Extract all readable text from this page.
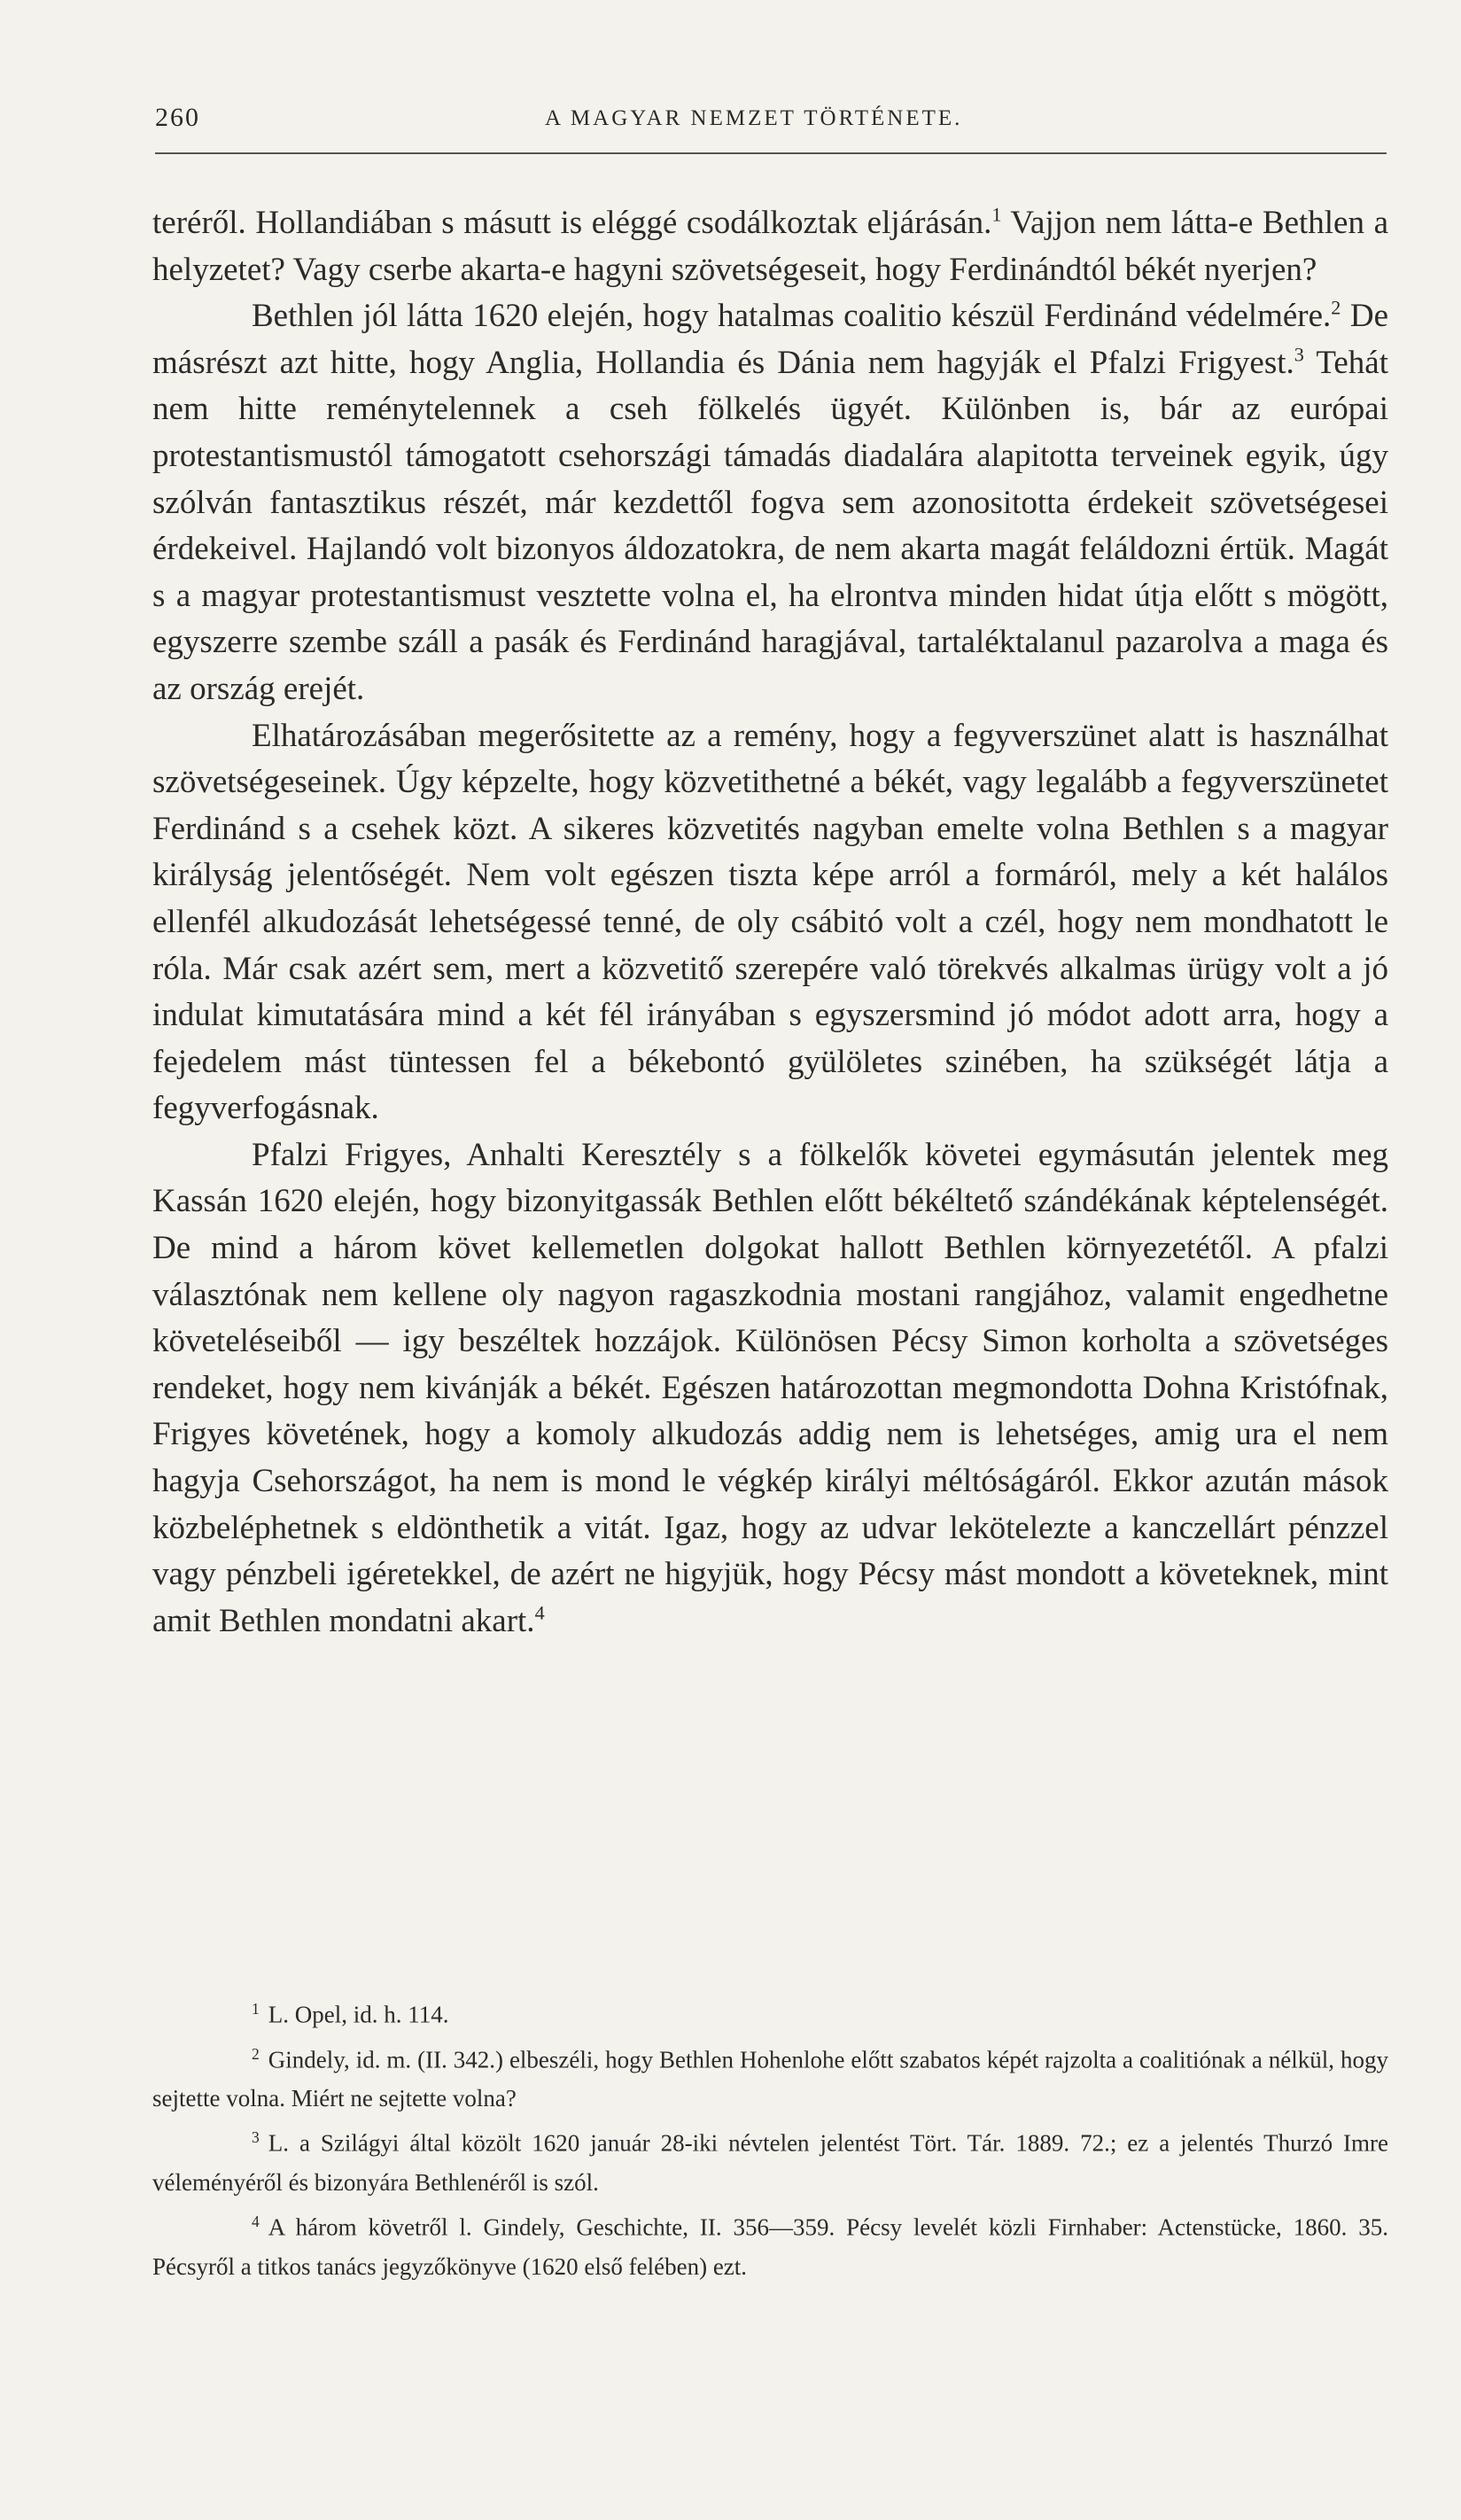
260	A MAGYAR NEMZET TÖRTÉNETE.

teréről. Hollandiában s másutt is eléggé csodálkoztak eljárásán.$^1$ Vajjon nem látta-e Bethlen a helyzetet? Vagy cserbe akarta-e hagyni szövetségeseit, hogy Ferdinándtól békét nyerjen?

Bethlen jól látta 1620 elején, hogy hatalmas coalitio készül Ferdinánd védelmére.$^2$ De másrészt azt hitte, hogy Anglia, Hollandia és Dánia nem hagyják el Pfalzi Frigyest.$^3$ Tehát nem hitte reménytelennek a cseh fölkelés ügyét. Különben is, bár az európai protestantismustól támogatott csehországi támadás diadalára alapitotta terveinek egyik, úgy szólván fantasztikus részét, már kezdettől fogva sem azonositotta érdekeit szövetségesei érdekeivel. Hajlandó volt bizonyos áldozatokra, de nem akarta magát feláldozni értük. Magát s a magyar protestantismust vesztette volna el, ha elrontva minden hidat útja előtt s mögött, egyszerre szembe száll a pasák és Ferdinánd haragjával, tartaléktalanul pazarolva a maga és az ország erejét.

Elhatározásában megerősitette az a remény, hogy a fegyverszünet alatt is használhat szövetségeseinek. Úgy képzelte, hogy közvetithetné a békét, vagy legalább a fegyverszünetet Ferdinánd s a csehek közt. A sikeres közvetités nagyban emelte volna Bethlen s a magyar királyság jelentőségét. Nem volt egészen tiszta képe arról a formáról, mely a két halálos ellenfél alkudozását lehetségessé tenné, de oly csábitó volt a czél, hogy nem mondhatott le róla. Már csak azért sem, mert a közvetitő szerepére való törekvés alkalmas ürügy volt a jó indulat kimutatására mind a két fél irányában s egyszersmind jó módot adott arra, hogy a fejedelem mást tüntessen fel a békebontó gyülöletes szinében, ha szükségét látja a fegyverfogásnak.

Pfalzi Frigyes, Anhalti Keresztély s a fölkelők követei egymásután jelentek meg Kassán 1620 elején, hogy bizonyitgassák Bethlen előtt békéltető szándékának képtelenségét. De mind a három követ kellemetlen dolgokat hallott Bethlen környezetétől. A pfalzi választónak nem kellene oly nagyon ragaszkodnia mostani rangjához, valamit engedhetne követeléseiből — igy beszéltek hozzájok. Különösen Pécsy Simon korholta a szövetséges rendeket, hogy nem kivánják a békét. Egészen határozottan megmondotta Dohna Kristófnak, Frigyes követének, hogy a komoly alkudozás addig nem is lehetséges, amig ura el nem hagyja Csehországot, ha nem is mond le végkép királyi méltóságáról. Ekkor azután mások közbeléphetnek s eldönthetik a vitát. Igaz, hogy az udvar lekötelezte a kanczellárt pénzzel vagy pénzbeli igéretekkel, de azért ne higyjük, hogy Pécsy mást mondott a követeknek, mint amit Bethlen mondatni akart.$^4$

$^1$ L. Opel, id. h. 114.

$^2$ Gindely, id. m. (II. 342.) elbeszéli, hogy Bethlen Hohenlohe előtt szabatos képét rajzolta a coalitiónak a nélkül, hogy sejtette volna. Miért ne sejtette volna?

$^3$ L. a Szilágyi által közölt 1620 január 28-iki névtelen jelentést Tört. Tár. 1889. 72.; ez a jelentés Thurzó Imre véleményéről és bizonyára Bethlenéről is szól.

$^4$ A három követről l. Gindely, Geschichte, II. 356—359. Pécsy levelét közli Firnhaber: Actenstücke, 1860. 35. Pécsyről a titkos tanács jegyzőkönyve (1620 első felében) ezt.
